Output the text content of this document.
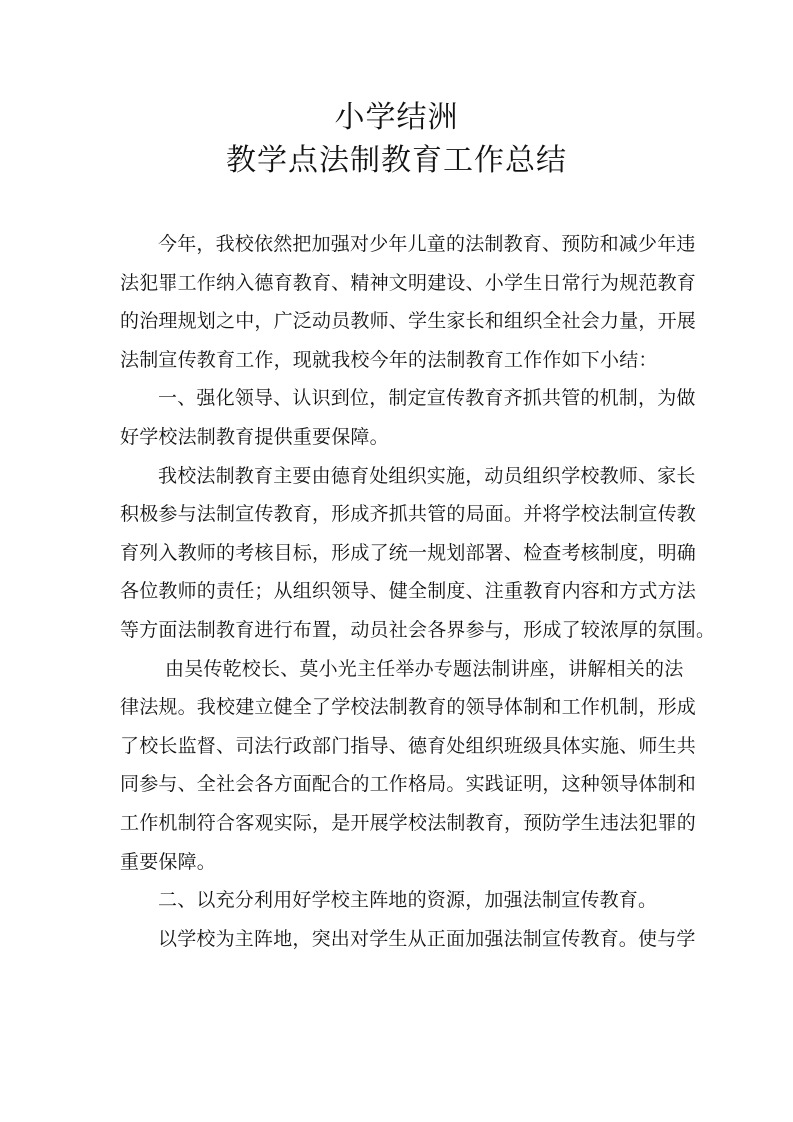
小学结洲
教学点法制教育工作总结
今年，我校依然把加强对少年儿童的法制教育、预防和减少年违
法犯罪工作纳入德育教育、精神文明建设、小学生日常行为规范教育
的治理规划之中，广泛动员教师、学生家长和组织全社会力量，开展
法制宣传教育工作，现就我校今年的法制教育工作作如下小结：
一、强化领导、认识到位，制定宣传教育齐抓共管的机制，为做
好学校法制教育提供重要保障。
我校法制教育主要由德育处组织实施，动员组织学校教师、家长
积极参与法制宣传教育，形成齐抓共管的局面。并将学校法制宣传教
育列入教师的考核目标，形成了统一规划部署、检查考核制度，明确
各位教师的责任；从组织领导、健全制度、注重教育内容和方式方法
等方面法制教育进行布置，动员社会各界参与，形成了较浓厚的氛围。
由吴传乾校长、莫小光主任举办专题法制讲座，讲解相关的法
律法规。我校建立健全了学校法制教育的领导体制和工作机制，形成
了校长监督、司法行政部门指导、德育处组织班级具体实施、师生共
同参与、全社会各方面配合的工作格局。实践证明，这种领导体制和
工作机制符合客观实际，是开展学校法制教育，预防学生违法犯罪的
重要保障。
二、以充分利用好学校主阵地的资源，加强法制宣传教育。
以学校为主阵地，突出对学生从正面加强法制宣传教育。使与学
